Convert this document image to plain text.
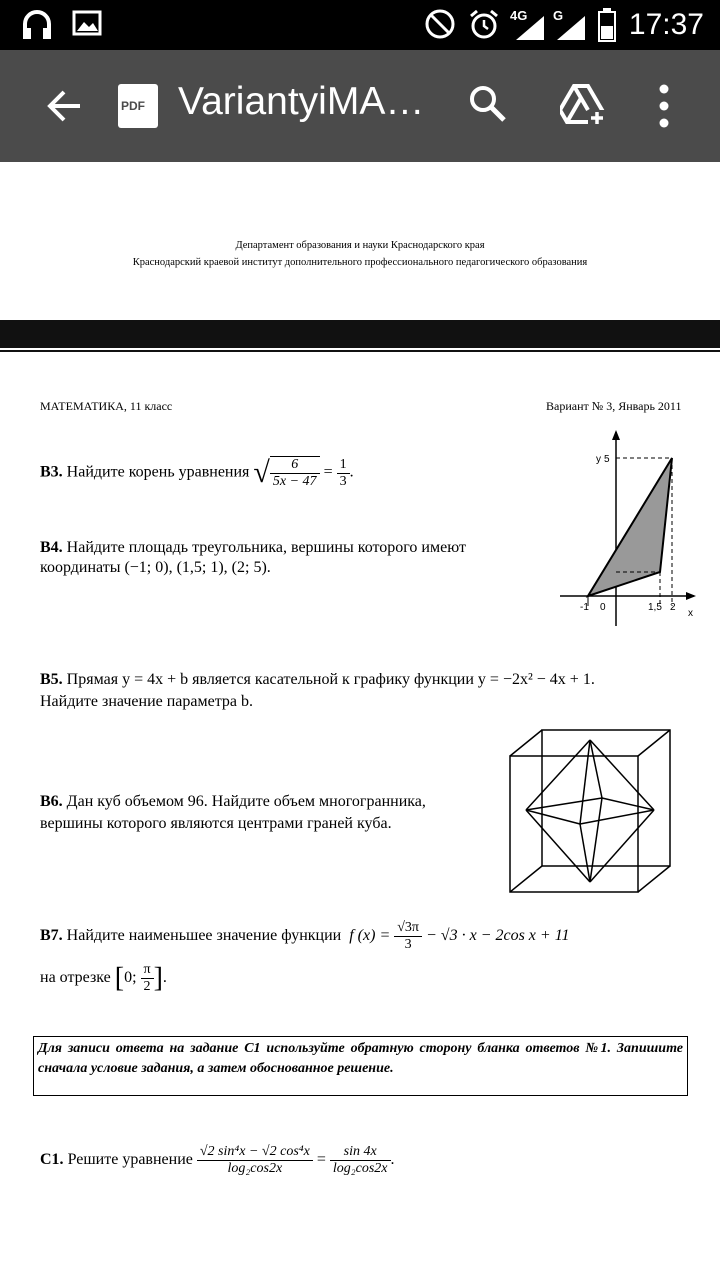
4G G 17:37
PDF VariantyiMA…
Департамент образования и науки Краснодарского края
Краснодарский краевой институт дополнительного профессионального педагогического образования
МАТЕМАТИКА, 11 класс	Вариант № 3, Январь 2011
B3. Найдите корень уравнения √ $\frac{6}{5x - 47} = \frac{1}{3}$ .
B4. Найдите площадь треугольника, вершины которого имеют
координаты (−1; 0), (1,5; 1), (2; 5).
y 5
x
-1 0	1,5 2
B5. Прямая y = 4x + b является касательной к графику функции y = −2x² − 4x + 1.
Найдите значение параметра b.
B6. Дан куб объемом 96. Найдите объем многогранника,
вершины которого являются центрами граней куба.
B7. Найдите наименьшее значение функции f $(x) = \frac{√3\pi}{3} - √3 \cdot x - 2\cos$ x + 11
на отрезке [0; $\frac{\pi}{2}$ ].
Для записи ответа на задание С1 используйте обратную сторону бланка ответов №1. Запишите сначала условие задания, а затем обоснованное решение.
C1. Решите уравнение $\frac{\text{√2 sin⁴x − √2 cos⁴x}}{\text{log₂cos2x}} = \frac{\sin 4x}{\text{log₂cos2x}}$ .
